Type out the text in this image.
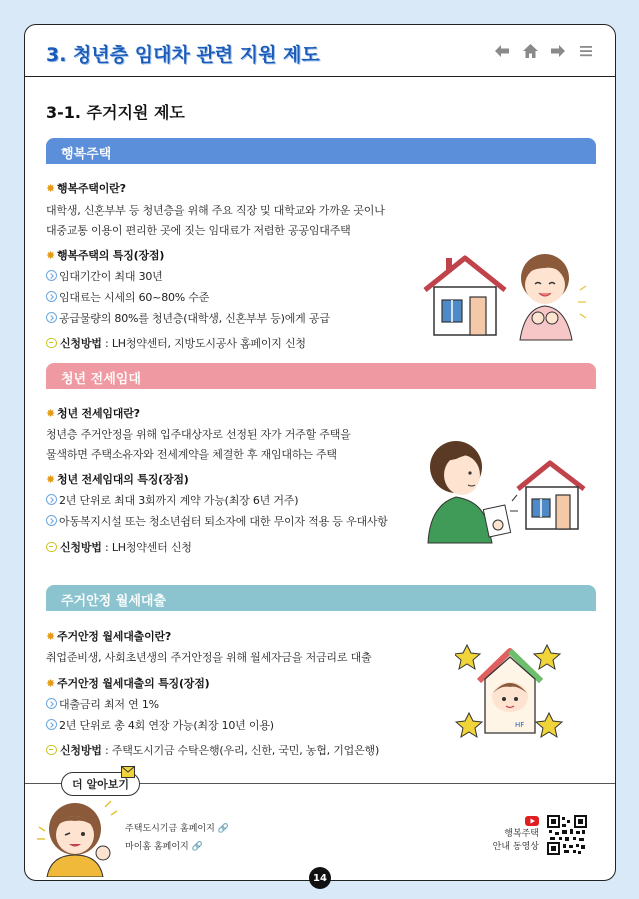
3. 청년층 임대차 관련 지원 제도
3-1. 주거지원 제도
행복주택
✸ 행복주택이란?
대학생, 신혼부부 등 청년층을 위해 주요 직장 및 대학교와 가까운 곳이나
대중교통 이용이 편리한 곳에 짓는 임대료가 저렴한 공공임대주택
✸ 행복주택의 특징(장점)
임대기간이 최대 30년
임대료는 시세의 60~80% 수준
공급물량의 80%를 청년층(대학생, 신혼부부 등)에게 공급
신청방법 : LH청약센터, 지방도시공사 홈페이지 신청
청년 전세임대
✸ 청년 전세임대란?
청년층 주거안정을 위해 입주대상자로 선정된 자가 거주할 주택을
물색하면 주택소유자와 전세계약을 체결한 후 재임대하는 주택
✸ 청년 전세임대의 특징(장점)
2년 단위로 최대 3회까지 계약 가능(최장 6년 거주)
아동복지시설 또는 청소년쉼터 퇴소자에 대한 무이자 적용 등 우대사항
신청방법 : LH청약센터 신청
주거안정 월세대출
✸ 주거안정 월세대출이란?
취업준비생, 사회초년생의 주거안정을 위해 월세자금을 저금리로 대출
✸ 주거안정 월세대출의 특징(장점)
대출금리 최저 연 1%
2년 단위로 총 4회 연장 가능(최장 10년 이용)
신청방법 : 주택도시기금 수탁은행(우리, 신한, 국민, 농협, 기업은행)
HF
더 알아보기
주택도시기금 홈페이지 🔗
마이홈 홈페이지 🔗
행복주택
안내 동영상
14
